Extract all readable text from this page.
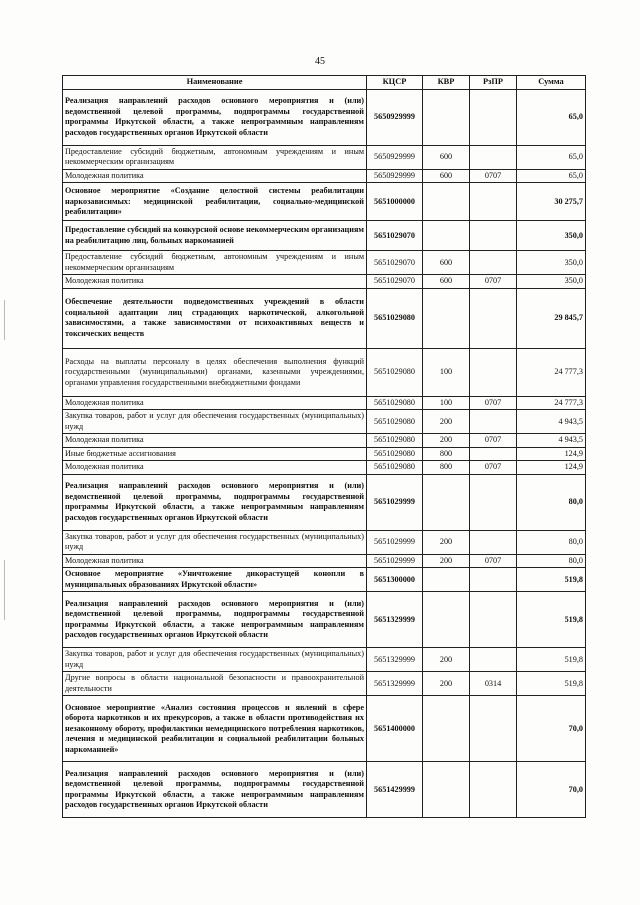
45
Наименование	КЦСР	КВР	РзПР	Сумма
Реализация направлений расходов основного мероприятия и (или) ведомственной целевой программы, подпрограммы государственной программы Иркутской области, а также непрограммным направлениям расходов государственных органов Иркутской области	5650929999			65,0
Предоставление субсидий бюджетным, автономным учреждениям и иным некоммерческим организациям	5650929999	600		65,0
Молодежная политика	5650929999	600	0707	65,0
Основное мероприятие «Создание целостной системы реабилитации наркозависимых: медицинской реабилитации, социально-медицинской реабилитации»	5651000000			30 275,7
Предоставление субсидий на конкурсной основе некоммерческим организациям на реабилитацию лиц, больных наркоманией	5651029070			350,0
Предоставление субсидий бюджетным, автономным учреждениям и иным некоммерческим организациям	5651029070	600		350,0
Молодежная политика	5651029070	600	0707	350,0
Обеспечение деятельности подведомственных учреждений в области социальной адаптации лиц страдающих наркотической, алкогольной зависимостями, а также зависимостями от психоактивных веществ и токсических веществ	5651029080			29 845,7
Расходы на выплаты персоналу в целях обеспечения выполнения функций государственными (муниципальными) органами, казенными учреждениями, органами управления государственными внебюджетными фондами	5651029080	100		24 777,3
Молодежная политика	5651029080	100	0707	24 777,3
Закупка товаров, работ и услуг для обеспечения государственных (муниципальных) нужд	5651029080	200		4 943,5
Молодежная политика	5651029080	200	0707	4 943,5
Иные бюджетные ассигнования	5651029080	800		124,9
Молодежная политика	5651029080	800	0707	124,9
Реализация направлений расходов основного мероприятия и (или) ведомственной целевой программы, подпрограммы государственной программы Иркутской области, а также непрограммным направлениям расходов государственных органов Иркутской области	5651029999			80,0
Закупка товаров, работ и услуг для обеспечения государственных (муниципальных) нужд	5651029999	200		80,0
Молодежная политика	5651029999	200	0707	80,0
Основное мероприятие «Уничтожение дикорастущей конопли в муниципальных образованиях Иркутской области»	5651300000			519,8
Реализация направлений расходов основного мероприятия и (или) ведомственной целевой программы, подпрограммы государственной программы Иркутской области, а также непрограммным направлениям расходов государственных органов Иркутской области	5651329999			519,8
Закупка товаров, работ и услуг для обеспечения государственных (муниципальных) нужд	5651329999	200		519,8
Другие вопросы в области национальной безопасности и правоохранительной деятельности	5651329999	200	0314	519,8
Основное мероприятие «Анализ состояния процессов и явлений в сфере оборота наркотиков и их прекурсоров, а также в области противодействия их незаконному обороту, профилактики немедицинского потребления наркотиков, лечения и медицинской реабилитации и социальной реабилитации больных наркоманией»	5651400000			70,0
Реализация направлений расходов основного мероприятия и (или) ведомственной целевой программы, подпрограммы государственной программы Иркутской области, а также непрограммным направлениям расходов государственных органов Иркутской области	5651429999			70,0
